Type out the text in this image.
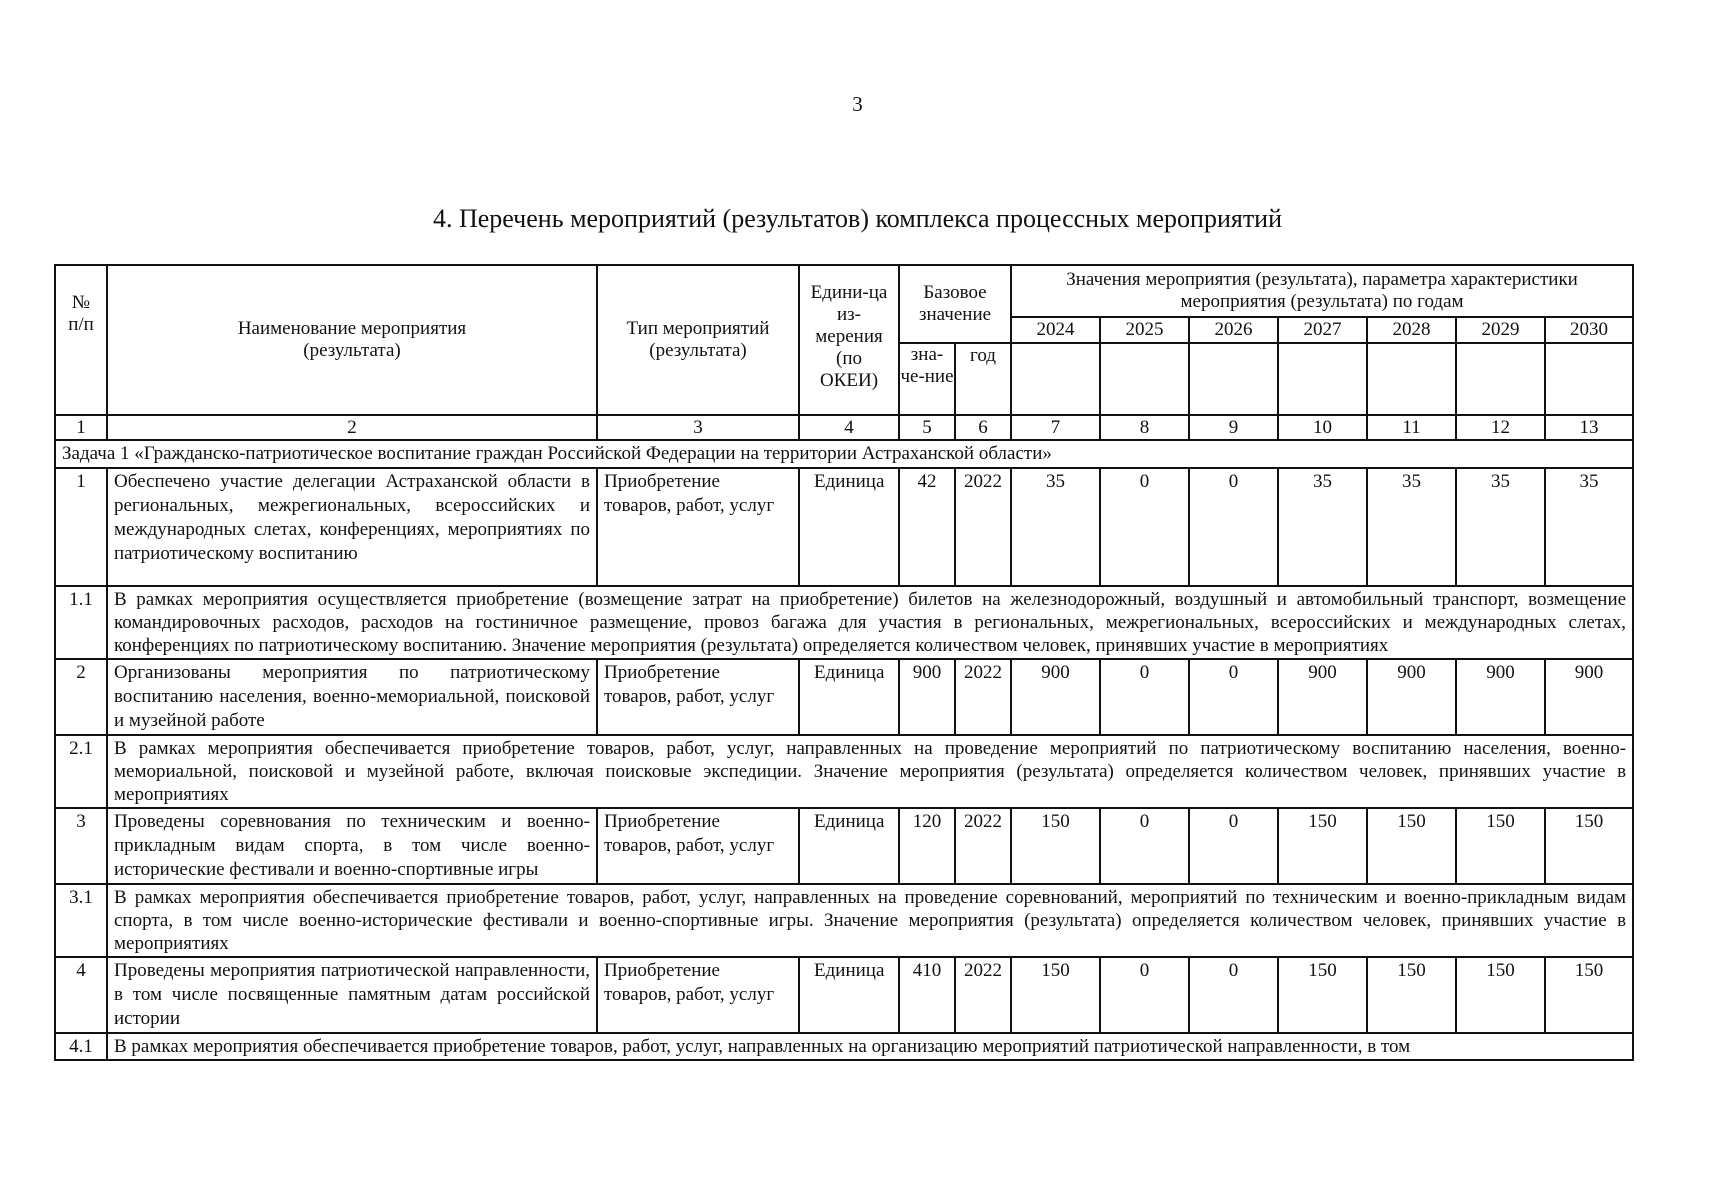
3
4. Перечень мероприятий (результатов) комплекса процессных мероприятий
№ п/п	Наименование мероприятия (результата)	Тип мероприятий (результата)	Едини-ца из-мерения (по ОКЕИ)	Базовое значение		Значения мероприятия (результата), параметра характеристики мероприятия (результата) по годам						
						2024	2025	2026	2027	2028	2029	2030
				зна-че-ние	год							
1	2	3	4	5	6	7	8	9	10	11	12	13
Задача 1 «Гражданско-патриотическое воспитание граждан Российской Федерации на территории Астраханской области»												
1	Обеспечено участие делегации Астраханской области в региональных, межрегиональных, всероссийских и международных слетах, конференциях, мероприятиях по патриотическому воспитанию	Приобретение товаров, работ, услуг	Единица	42	2022	35	0	0	35	35	35	35
1.1	В рамках мероприятия осуществляется приобретение (возмещение затрат на приобретение) билетов на железнодорожный, воздушный и автомобильный транспорт, возмещение командировочных расходов, расходов на гостиничное размещение, провоз багажа для участия в региональных, межрегиональных, всероссийских и международных слетах, конференциях по патриотическому воспитанию. Значение мероприятия (результата) определяется количеством человек, принявших участие в мероприятиях											
2	Организованы мероприятия по патриотическому воспитанию населения, военно-мемориальной, поисковой и музейной работе	Приобретение товаров, работ, услуг	Единица	900	2022	900	0	0	900	900	900	900
2.1	В рамках мероприятия обеспечивается приобретение товаров, работ, услуг, направленных на проведение мероприятий по патриотическому воспитанию населения, военно-мемориальной, поисковой и музейной работе, включая поисковые экспедиции. Значение мероприятия (результата) определяется количеством человек, принявших участие в мероприятиях											
3	Проведены соревнования по техническим и военно-прикладным видам спорта, в том числе военно-исторические фестивали и военно-спортивные игры	Приобретение товаров, работ, услуг	Единица	120	2022	150	0	0	150	150	150	150
3.1	В рамках мероприятия обеспечивается приобретение товаров, работ, услуг, направленных на проведение соревнований, мероприятий по техническим и военно-прикладным видам спорта, в том числе военно-исторические фестивали и военно-спортивные игры. Значение мероприятия (результата) определяется количеством человек, принявших участие в мероприятиях											
4	Проведены мероприятия патриотической направленности, в том числе посвященные памятным датам российской истории	Приобретение товаров, работ, услуг	Единица	410	2022	150	0	0	150	150	150	150
4.1	В рамках мероприятия обеспечивается приобретение товаров, работ, услуг, направленных на организацию мероприятий патриотической направленности, в том											
